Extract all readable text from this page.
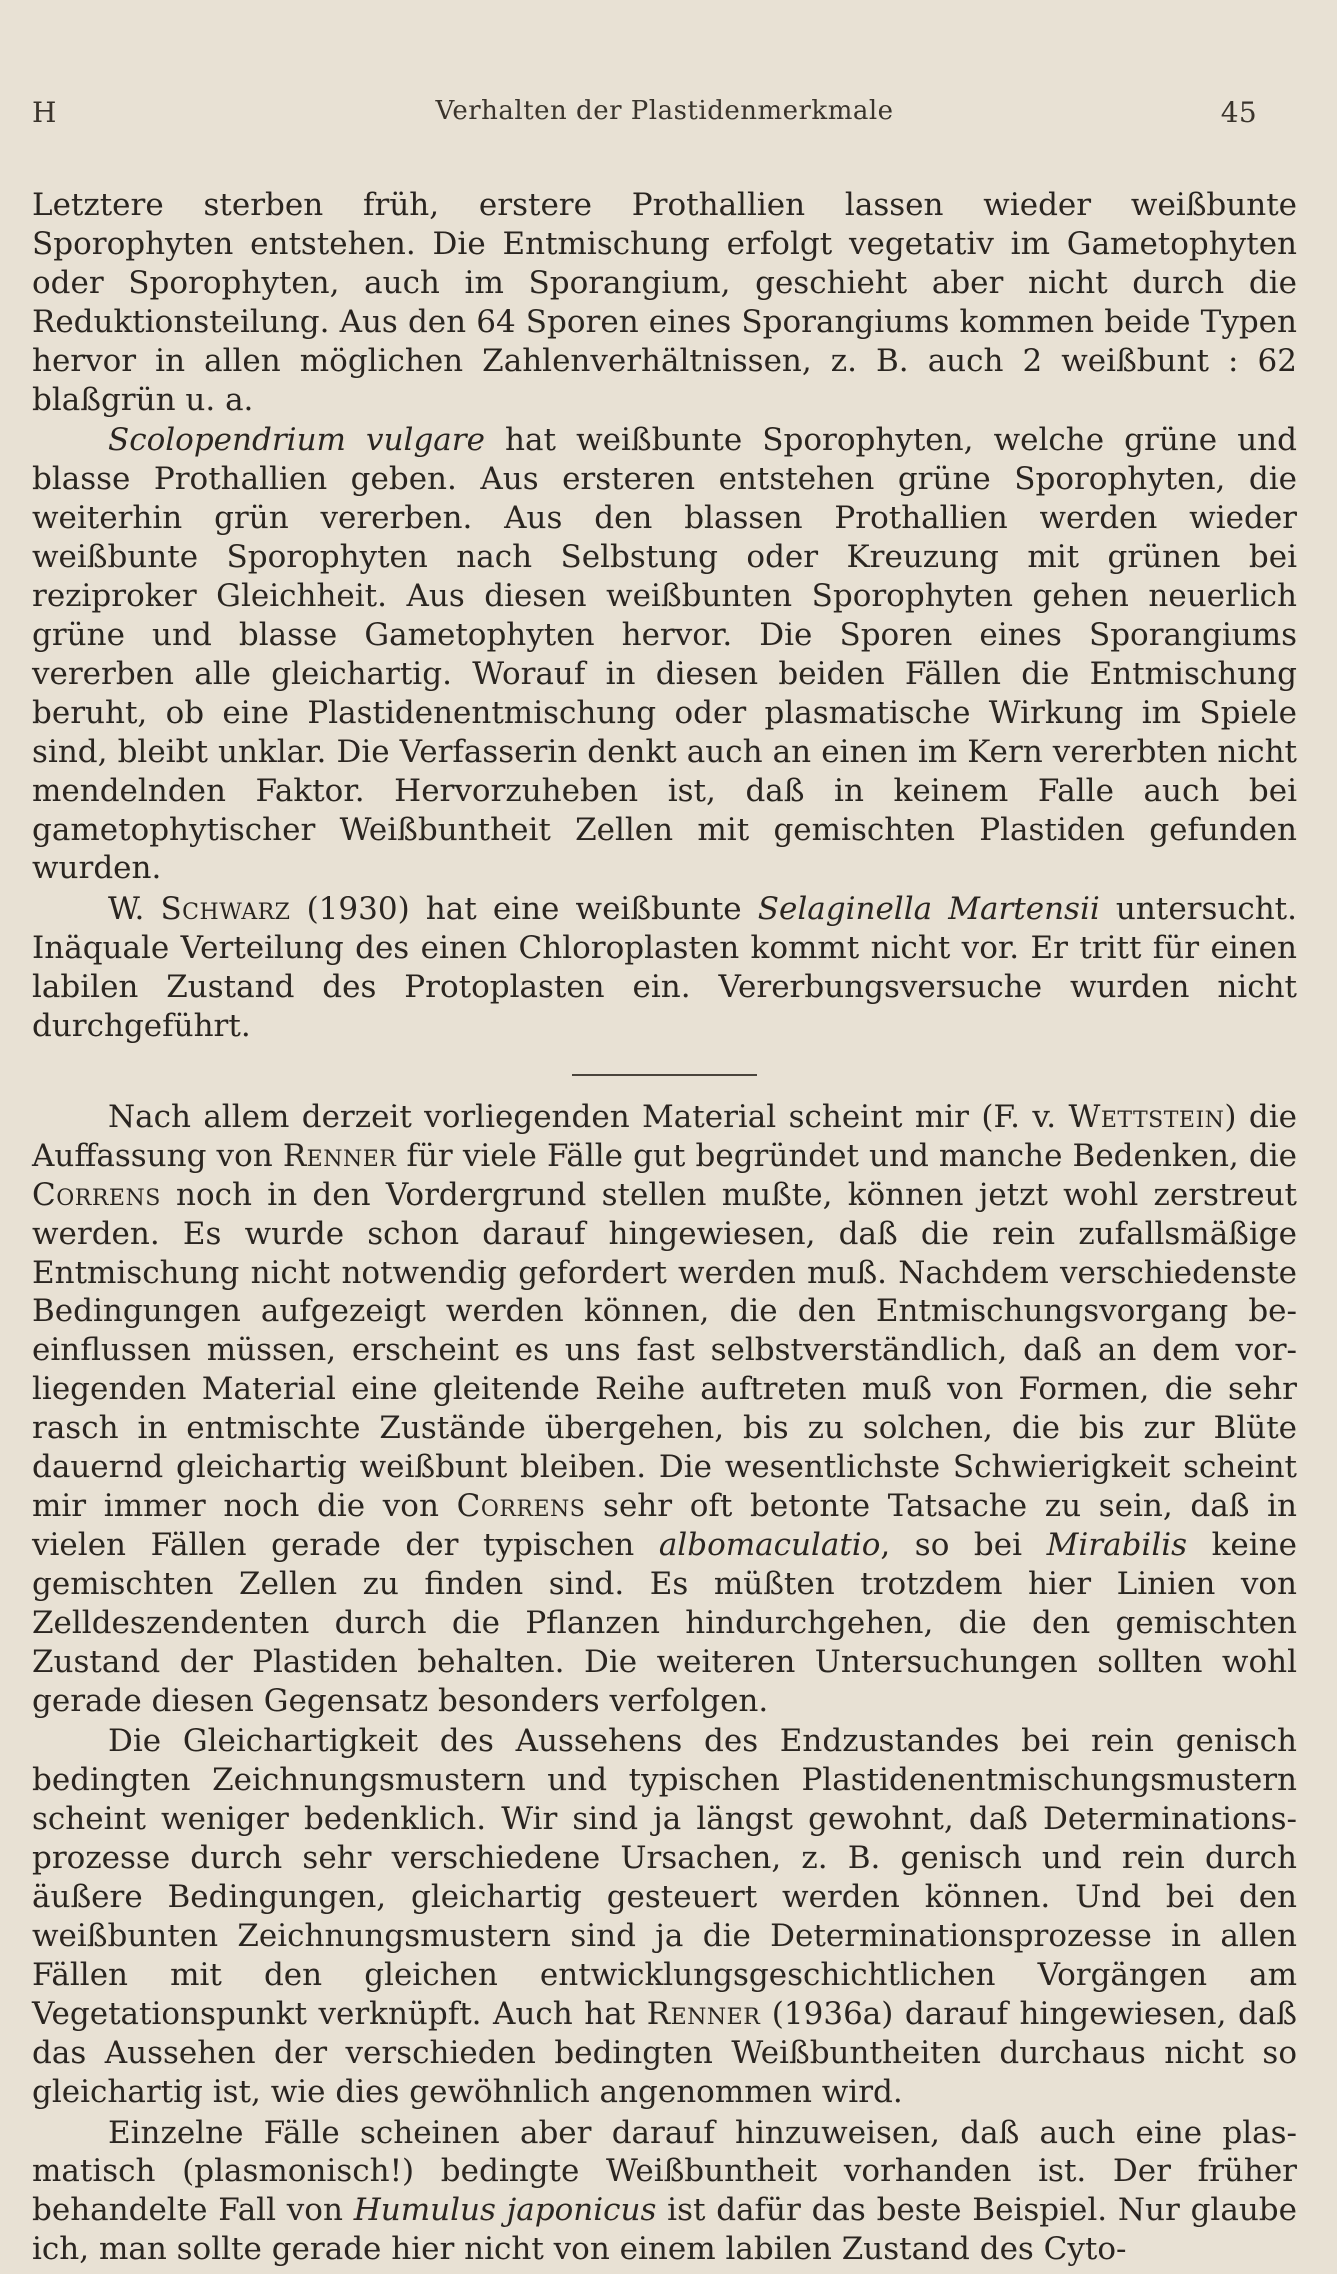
H	Verhalten der Plastidenmerkmale	45

Letztere sterben früh, erstere Prothallien lassen wieder weißbunte Sporophyten entstehen. Die Entmischung erfolgt vegetativ im Gametophyten oder Sporophyten, auch im Sporangium, geschieht aber nicht durch die Reduktionsteilung. Aus den 64 Sporen eines Sporangiums kommen beide Typen hervor in allen möglichen Zahlenverhältnissen, z. B. auch 2 weißbunt : 62 blaßgrün u. a.

Scolopendrium vulgare hat weißbunte Sporophyten, welche grüne und blasse Prothallien geben. Aus ersteren entstehen grüne Sporophyten, die weiterhin grün vererben. Aus den blassen Prothallien werden wieder weißbunte Sporophyten nach Selbstung oder Kreuzung mit grünen bei reziproker Gleichheit. Aus diesen weißbunten Sporophyten gehen neuerlich grüne und blasse Gametophyten hervor. Die Sporen eines Sporangiums vererben alle gleichartig. Worauf in diesen beiden Fällen die Entmischung beruht, ob eine Plastidenentmischung oder plasmatische Wirkung im Spiele sind, bleibt unklar. Die Verfasserin denkt auch an einen im Kern vererbten nicht mendelnden Faktor. Hervorzuheben ist, daß in keinem Falle auch bei gametophytischer Weißbuntheit Zellen mit gemischten Plastiden gefunden wurden.

W. Schwarz (1930) hat eine weißbunte Selaginella Martensii untersucht. Inäquale Verteilung des einen Chloroplasten kommt nicht vor. Er tritt für einen labilen Zustand des Protoplasten ein. Vererbungsversuche wurden nicht durchgeführt.

Nach allem derzeit vorliegenden Material scheint mir (F. v. Wettstein) die Auffassung von Renner für viele Fälle gut begründet und manche Bedenken, die Correns noch in den Vordergrund stellen mußte, können jetzt wohl zerstreut werden. Es wurde schon darauf hingewiesen, daß die rein zufallsmäßige Entmischung nicht notwendig gefordert werden muß. Nachdem verschiedenste Bedingungen aufgezeigt werden können, die den Entmischungsvorgang beeinflussen müssen, erscheint es uns fast selbstverständlich, daß an dem vorliegenden Material eine gleitende Reihe auftreten muß von Formen, die sehr rasch in entmischte Zustände übergehen, bis zu solchen, die bis zur Blüte dauernd gleichartig weißbunt bleiben. Die wesentlichste Schwierigkeit scheint mir immer noch die von Correns sehr oft betonte Tatsache zu sein, daß in vielen Fällen gerade der typischen albomaculatio, so bei Mirabilis keine gemischten Zellen zu finden sind. Es müßten trotzdem hier Linien von Zelldeszendenten durch die Pflanzen hindurchgehen, die den gemischten Zustand der Plastiden behalten. Die weiteren Untersuchungen sollten wohl gerade diesen Gegensatz besonders verfolgen.

Die Gleichartigkeit des Aussehens des Endzustandes bei rein genisch bedingten Zeichnungsmustern und typischen Plastidenentmischungsmustern scheint weniger bedenklich. Wir sind ja längst gewohnt, daß Determinationsprozesse durch sehr verschiedene Ursachen, z. B. genisch und rein durch äußere Bedingungen, gleichartig gesteuert werden können. Und bei den weißbunten Zeichnungsmustern sind ja die Determinationsprozesse in allen Fällen mit den gleichen entwicklungsgeschichtlichen Vorgängen am Vegetationspunkt verknüpft. Auch hat Renner (1936a) darauf hingewiesen, daß das Aussehen der verschieden bedingten Weißbuntheiten durchaus nicht so gleichartig ist, wie dies gewöhnlich angenommen wird.

Einzelne Fälle scheinen aber darauf hinzuweisen, daß auch eine plasmatisch (plasmonisch!) bedingte Weißbuntheit vorhanden ist. Der früher behandelte Fall von Humulus japonicus ist dafür das beste Beispiel. Nur glaube ich, man sollte gerade hier nicht von einem labilen Zustand des Cyto-
